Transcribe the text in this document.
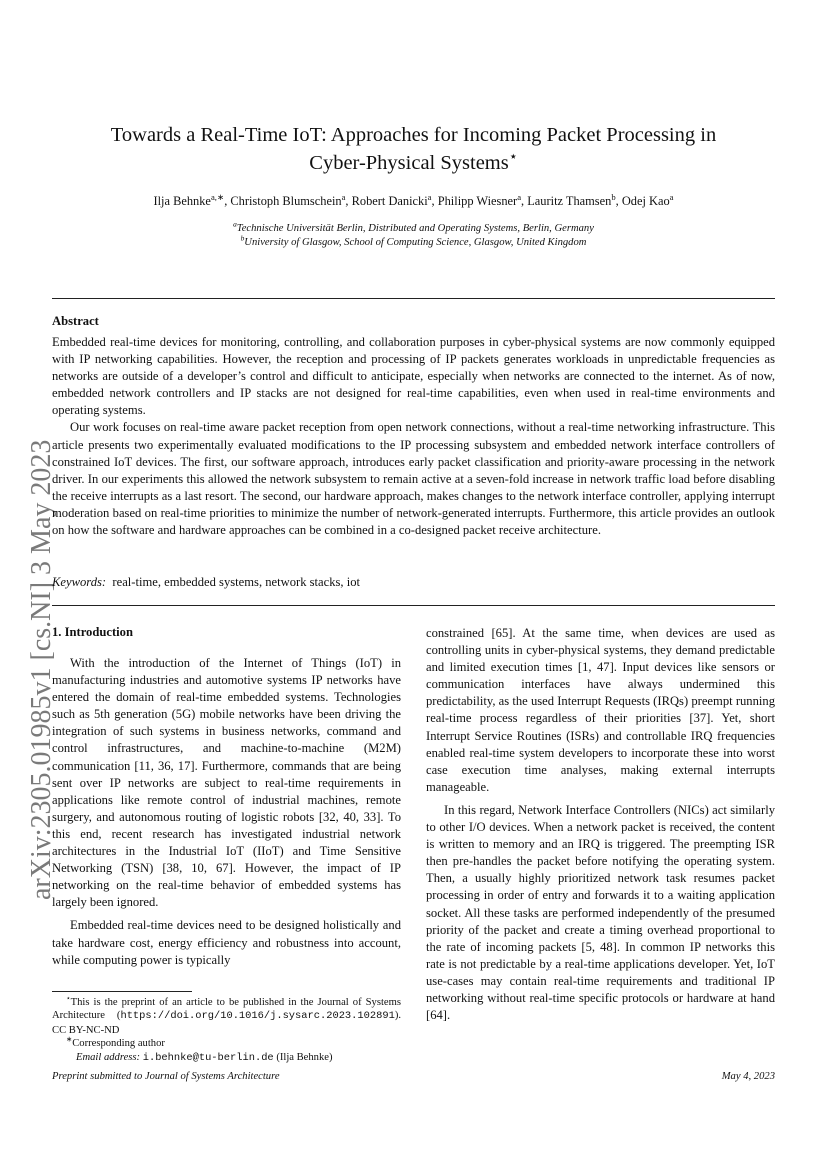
arXiv:2305.01985v1 [cs.NI] 3 May 2023
Towards a Real-Time IoT: Approaches for Incoming Packet Processing in
Cyber-Physical Systems⋆
Ilja Behnke$^{a,∗}$, Christoph Blumschein$^a$, Robert Danicki$^a$, Philipp Wiesner$^a$, Lauritz Thamsen$^b$, Odej Kao$^a$
$^a$Technische Universität Berlin, Distributed and Operating Systems, Berlin, Germany
$^b$University of Glasgow, School of Computing Science, Glasgow, United Kingdom
Abstract

Embedded real-time devices for monitoring, controlling, and collaboration purposes in cyber-physical systems are now commonly equipped with IP networking capabilities. However, the reception and processing of IP packets generates workloads in unpredictable frequencies as networks are outside of a developer’s control and difficult to anticipate, especially when networks are connected to the internet. As of now, embedded network controllers and IP stacks are not designed for real-time capabilities, even when used in real-time environments and operating systems.

Our work focuses on real-time aware packet reception from open network connections, without a real-time networking infrastructure. This article presents two experimentally evaluated modifications to the IP processing subsystem and embedded network interface controllers of constrained IoT devices. The first, our software approach, introduces early packet classification and priority-aware processing in the network driver. In our experiments this allowed the network subsystem to remain active at a seven-fold increase in network traffic load before disabling the receive interrupts as a last resort. The second, our hardware approach, makes changes to the network interface controller, applying interrupt moderation based on real-time priorities to minimize the number of network-generated interrupts. Furthermore, this article provides an outlook on how the software and hardware approaches can be combined in a co-designed packet receive architecture.

Keywords: real-time, embedded systems, network stacks, iot
1. Introduction

With the introduction of the Internet of Things (IoT) in manufacturing industries and automotive systems IP networks have entered the domain of real-time embedded systems. Technologies such as 5th generation (5G) mobile networks have been driving the integration of such systems in business networks, command and control infrastructures, and machine-to-machine (M2M) communication [11, 36, 17]. Furthermore, commands that are being sent over IP networks are subject to real-time requirements in applications like remote control of industrial machines, remote surgery, and autonomous routing of logistic robots [32, 40, 33]. To this end, recent research has investigated industrial network architectures in the Industrial IoT (IIoT) and Time Sensitive Networking (TSN) [38, 10, 67]. However, the impact of IP networking on the real-time behavior of embedded systems has largely been ignored.

Embedded real-time devices need to be designed holistically and take hardware cost, energy efficiency and robustness into account, while computing power is typically

constrained [65]. At the same time, when devices are used as controlling units in cyber-physical systems, they demand predictable and limited execution times [1, 47]. Input devices like sensors or communication interfaces have always undermined this predictability, as the used Interrupt Requests (IRQs) preempt running real-time process regardless of their priorities [37]. Yet, short Interrupt Service Routines (ISRs) and controllable IRQ frequencies enabled real-time system developers to incorporate these into worst case execution time analyses, making external interrupts manageable.

In this regard, Network Interface Controllers (NICs) act similarly to other I/O devices. When a network packet is received, the content is written to memory and an IRQ is triggered. The preempting ISR then pre-handles the packet before notifying the operating system. Then, a usually highly prioritized network task resumes packet processing in order of entry and forwards it to a waiting application socket. All these tasks are performed independently of the presumed priority of the packet and create a timing overhead proportional to the rate of incoming packets [5, 48]. In common IP networks this rate is not predictable by a real-time applications developer. Yet, IoT use-cases may contain real-time requirements and traditional IP networking without real-time specific protocols or hardware at hand [64].

⋆This is the preprint of an article to be published in the Journal of Systems Architecture (https://doi.org/10.1016/j.sysarc.2023.102891). CC BY-NC-ND
∗Corresponding author
Email address: i.behnke@tu-berlin.de (Ilja Behnke)
Preprint submitted to Journal of Systems Architecture	May 4, 2023
